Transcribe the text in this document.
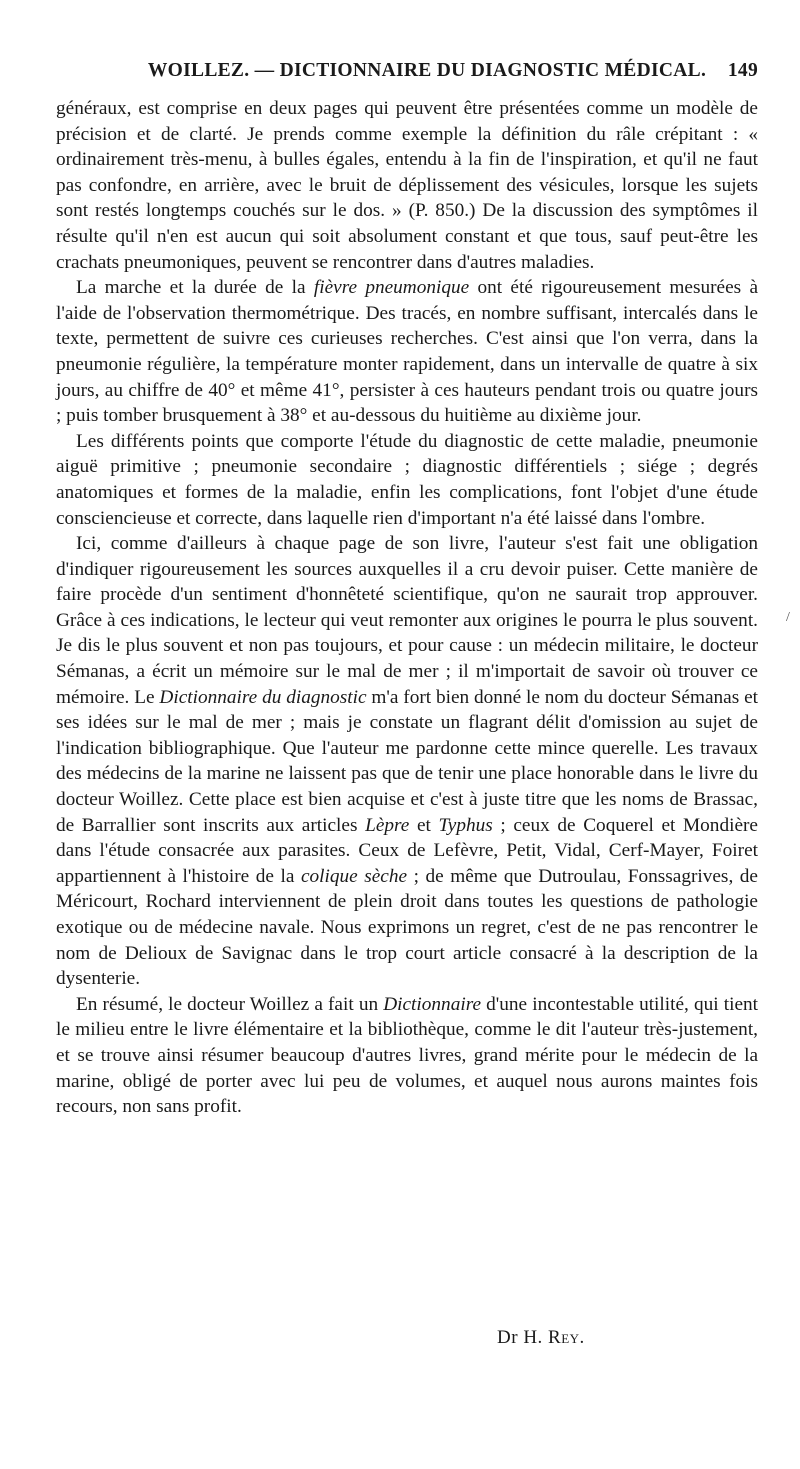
WOILLEZ. — DICTIONNAIRE DU DIAGNOSTIC MÉDICAL.	149

généraux, est comprise en deux pages qui peuvent être présentées comme un modèle de précision et de clarté. Je prends comme exemple la définition du râle crépitant : « ordinairement très-menu, à bulles égales, entendu à la fin de l'inspiration, et qu'il ne faut pas confondre, en arrière, avec le bruit de déplissement des vésicules, lorsque les sujets sont restés longtemps couchés sur le dos. » (P. 850.) De la discussion des symptômes il résulte qu'il n'en est aucun qui soit absolument constant et que tous, sauf peut-être les crachats pneumoniques, peuvent se rencontrer dans d'autres maladies.

La marche et la durée de la fièvre pneumonique ont été rigoureusement mesurées à l'aide de l'observation thermométrique. Des tracés, en nombre suffisant, intercalés dans le texte, permettent de suivre ces curieuses recherches. C'est ainsi que l'on verra, dans la pneumonie régulière, la température monter rapidement, dans un intervalle de quatre à six jours, au chiffre de 40° et même 41°, persister à ces hauteurs pendant trois ou quatre jours ; puis tomber brusquement à 38° et au-dessous du huitième au dixième jour.

Les différents points que comporte l'étude du diagnostic de cette maladie, pneumonie aiguë primitive ; pneumonie secondaire ; diagnostic différentiels ; siége ; degrés anatomiques et formes de la maladie, enfin les complications, font l'objet d'une étude consciencieuse et correcte, dans laquelle rien d'important n'a été laissé dans l'ombre.

Ici, comme d'ailleurs à chaque page de son livre, l'auteur s'est fait une obligation d'indiquer rigoureusement les sources auxquelles il a cru devoir puiser. Cette manière de faire procède d'un sentiment d'honnêteté scientifique, qu'on ne saurait trop approuver. Grâce à ces indications, le lecteur qui veut remonter aux origines le pourra le plus souvent. Je dis le plus souvent et non pas toujours, et pour cause : un médecin militaire, le docteur Sémanas, a écrit un mémoire sur le mal de mer ; il m'importait de savoir où trouver ce mémoire. Le Dictionnaire du diagnostic m'a fort bien donné le nom du docteur Sémanas et ses idées sur le mal de mer ; mais je constate un flagrant délit d'omission au sujet de l'indication bibliographique. Que l'auteur me pardonne cette mince querelle. Les travaux des médecins de la marine ne laissent pas que de tenir une place honorable dans le livre du docteur Woillez. Cette place est bien acquise et c'est à juste titre que les noms de Brassac, de Barrallier sont inscrits aux articles Lèpre et Typhus ; ceux de Coquerel et Mondière dans l'étude consacrée aux parasites. Ceux de Lefèvre, Petit, Vidal, Cerf-Mayer, Foiret appartiennent à l'histoire de la colique sèche ; de même que Dutroulau, Fonssagrives, de Méricourt, Rochard interviennent de plein droit dans toutes les questions de pathologie exotique ou de médecine navale. Nous exprimons un regret, c'est de ne pas rencontrer le nom de Delioux de Savignac dans le trop court article consacré à la description de la dysenterie.

En résumé, le docteur Woillez a fait un Dictionnaire d'une incontestable utilité, qui tient le milieu entre le livre élémentaire et la bibliothèque, comme le dit l'auteur très-justement, et se trouve ainsi résumer beaucoup d'autres livres, grand mérite pour le médecin de la marine, obligé de porter avec lui peu de volumes, et auquel nous aurons maintes fois recours, non sans profit.

Dr H. Rey.
/
